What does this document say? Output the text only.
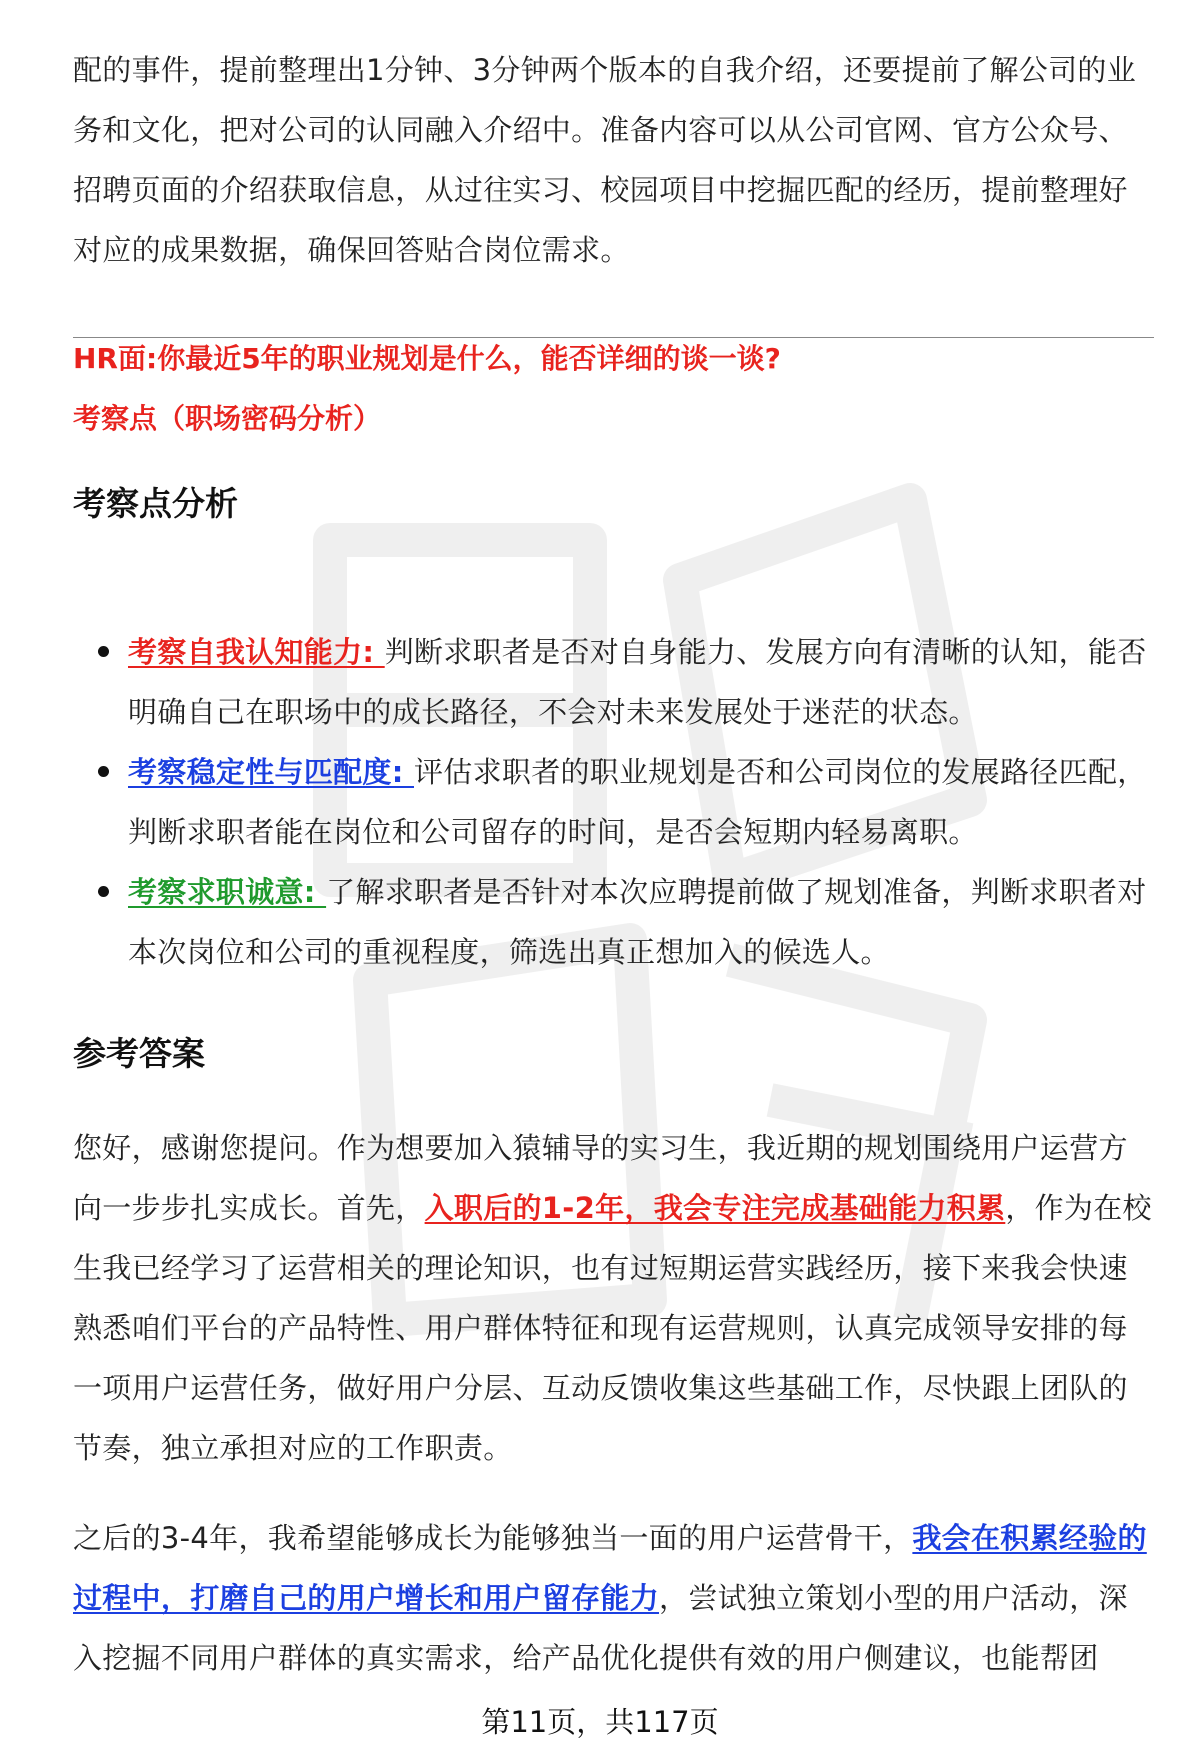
配的事件，提前整理出1分钟、3分钟两个版本的自我介绍，还要提前了解公司的业务和文化，把对公司的认同融入介绍中。准备内容可以从公司官网、官方公众号、招聘页面的介绍获取信息，从过往实习、校园项目中挖掘匹配的经历，提前整理好对应的成果数据，确保回答贴合岗位需求。

HR面:你最近5年的职业规划是什么，能否详细的谈一谈?

考察点（职场密码分析）

考察点分析

考察自我认知能力: 判断求职者是否对自身能力、发展方向有清晰的认知，能否明确自己在职场中的成长路径，不会对未来发展处于迷茫的状态。
考察稳定性与匹配度: 评估求职者的职业规划是否和公司岗位的发展路径匹配，判断求职者能在岗位和公司留存的时间，是否会短期内轻易离职。
考察求职诚意: 了解求职者是否针对本次应聘提前做了规划准备，判断求职者对本次岗位和公司的重视程度，筛选出真正想加入的候选人。

参考答案

您好，感谢您提问。作为想要加入猿辅导的实习生，我近期的规划围绕用户运营方向一步步扎实成长。首先，入职后的1-2年，我会专注完成基础能力积累，作为在校生我已经学习了运营相关的理论知识，也有过短期运营实践经历，接下来我会快速熟悉咱们平台的产品特性、用户群体特征和现有运营规则，认真完成领导安排的每一项用户运营任务，做好用户分层、互动反馈收集这些基础工作，尽快跟上团队的节奏，独立承担对应的工作职责。

之后的3-4年，我希望能够成长为能够独当一面的用户运营骨干，我会在积累经验的过程中，打磨自己的用户增长和用户留存能力，尝试独立策划小型的用户活动，深入挖掘不同用户群体的真实需求，给产品优化提供有效的用户侧建议，也能帮团

第11页，共117页
